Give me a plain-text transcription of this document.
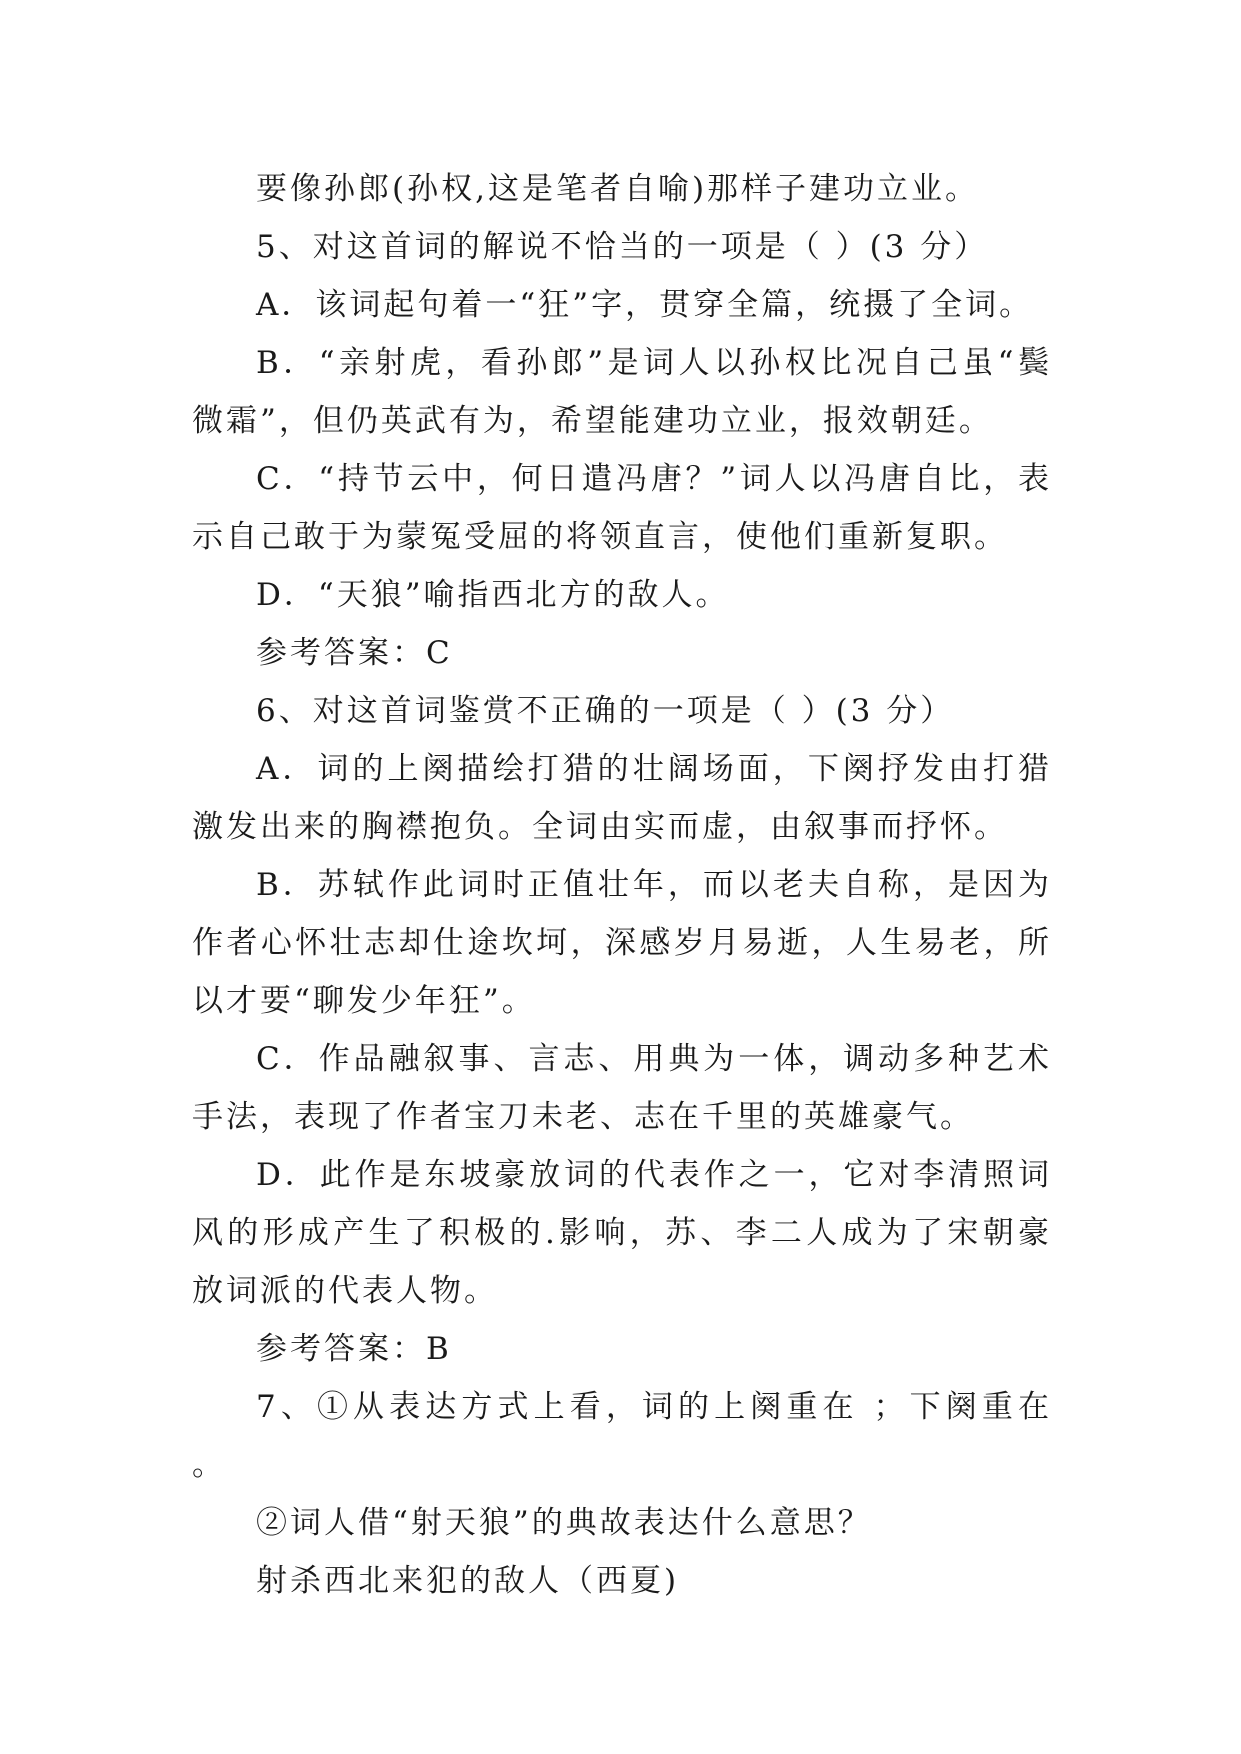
要像孙郎(孙权,这是笔者自喻)那样子建功立业。

5、对这首词的解说不恰当的一项是（ ）(3 分）

A．该词起句着一“狂”字，贯穿全篇，统摄了全词。

B．“亲射虎，看孙郎”是词人以孙权比况自己虽“鬓微霜”，但仍英武有为，希望能建功立业，报效朝廷。

C．“持节云中，何日遣冯唐？”词人以冯唐自比，表示自己敢于为蒙冤受屈的将领直言，使他们重新复职。

D．“天狼”喻指西北方的敌人。

参考答案：C

6、对这首词鉴赏不正确的一项是（ ）(3 分）

A．词的上阕描绘打猎的壮阔场面，下阕抒发由打猎激发出来的胸襟抱负。全词由实而虚，由叙事而抒怀。

B．苏轼作此词时正值壮年，而以老夫自称，是因为作者心怀壮志却仕途坎坷，深感岁月易逝，人生易老，所以才要“聊发少年狂”。

C．作品融叙事、言志、用典为一体，调动多种艺术手法，表现了作者宝刀未老、志在千里的英雄豪气。

D．此作是东坡豪放词的代表作之一，它对李清照词风的形成产生了积极的.影响，苏、李二人成为了宋朝豪放词派的代表人物。

参考答案：B

7、①从表达方式上看，词的上阕重在 ；下阕重在 。

②词人借“射天狼”的典故表达什么意思？

射杀西北来犯的敌人（西夏)
